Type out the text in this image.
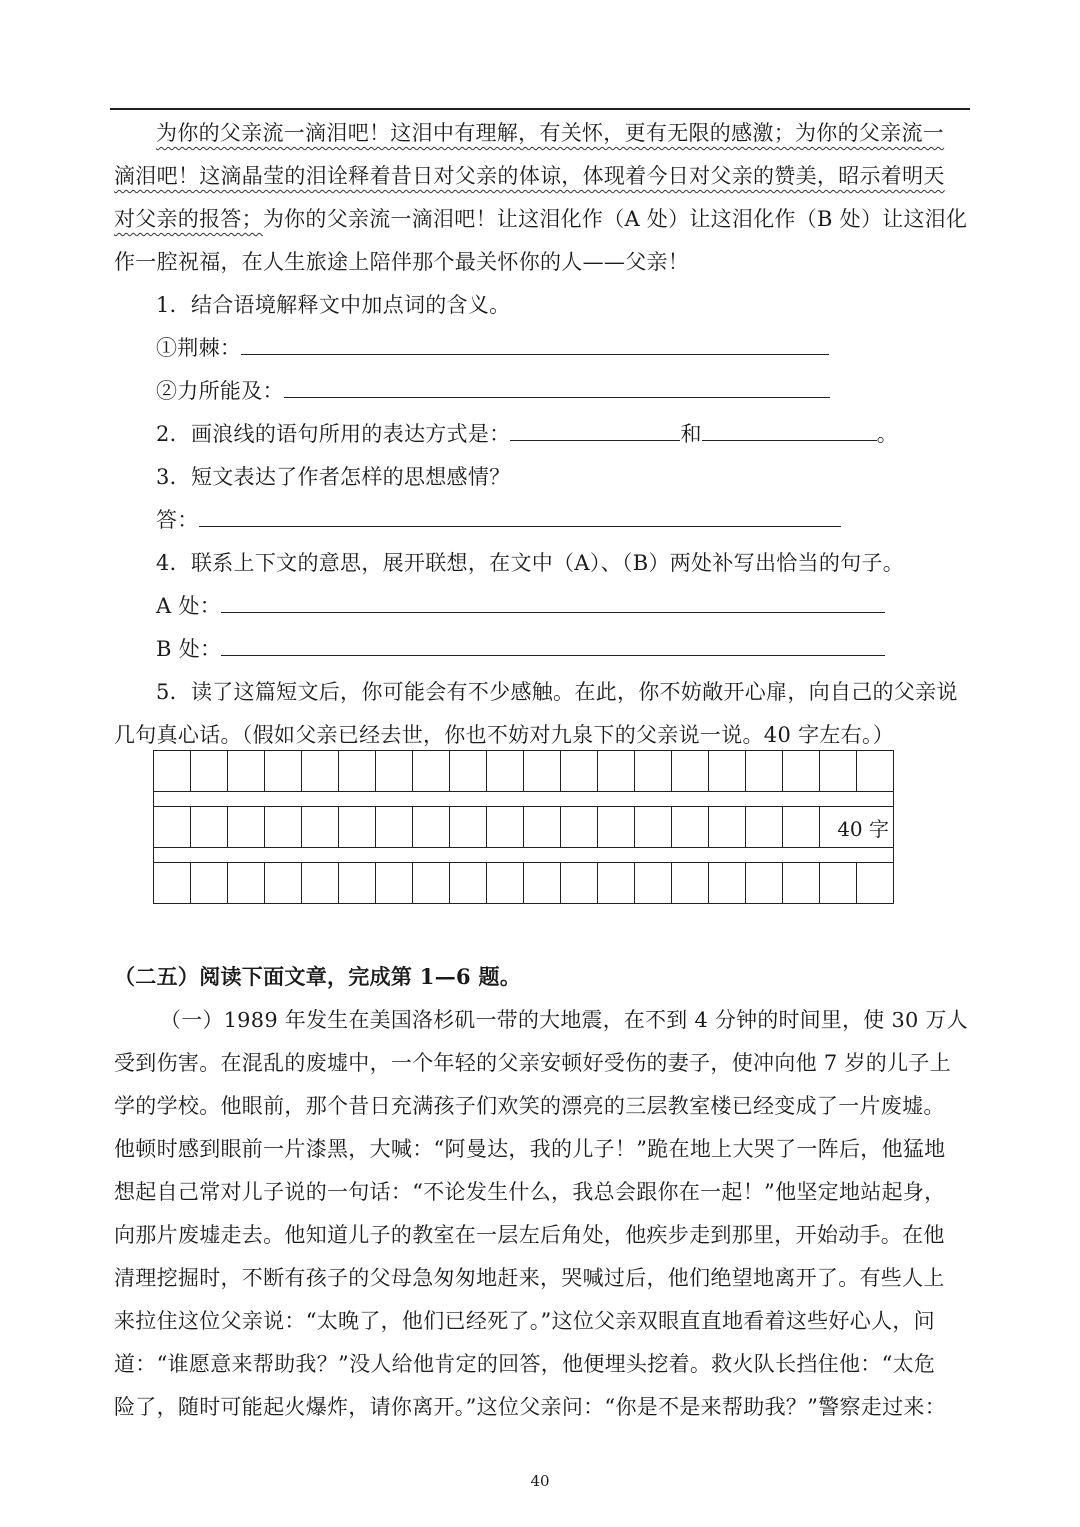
为你的父亲流一滴泪吧！这泪中有理解，有关怀，更有无限的感激；为你的父亲流一
滴泪吧！这滴晶莹的泪诠释着昔日对父亲的体谅，体现着今日对父亲的赞美，昭示着明天
对父亲的报答；为你的父亲流一滴泪吧！让这泪化作（A 处）让这泪化作（B 处）让这泪化
作一腔祝福，在人生旅途上陪伴那个最关怀你的人——父亲！
1．结合语境解释文中加点词的含义。
①荆棘：
②力所能及：
2．画浪线的语句所用的表达方式是：	和	。
3．短文表达了作者怎样的思想感情？
答：
4．联系上下文的意思，展开联想，在文中（A）、（B）两处补写出恰当的句子。
A 处：
B 处：
5．读了这篇短文后，你可能会有不少感触。在此，你不妨敞开心扉，向自己的父亲说
几句真心话。（假如父亲已经去世，你也不妨对九泉下的父亲说一说。40 字左右。）

																		40 字	

（二五）阅读下面文章，完成第 1—6 题。
（一）1989 年发生在美国洛杉矶一带的大地震，在不到 4 分钟的时间里，使 30 万人
受到伤害。在混乱的废墟中，一个年轻的父亲安顿好受伤的妻子，使冲向他 7 岁的儿子上
学的学校。他眼前，那个昔日充满孩子们欢笑的漂亮的三层教室楼已经变成了一片废墟。
他顿时感到眼前一片漆黑，大喊：“阿曼达，我的儿子！”跪在地上大哭了一阵后，他猛地
想起自己常对儿子说的一句话：“不论发生什么，我总会跟你在一起！”他坚定地站起身，
向那片废墟走去。他知道儿子的教室在一层左后角处，他疾步走到那里，开始动手。在他
清理挖掘时，不断有孩子的父母急匆匆地赶来，哭喊过后，他们绝望地离开了。有些人上
来拉住这位父亲说：“太晚了，他们已经死了。”这位父亲双眼直直地看着这些好心人，问
道：“谁愿意来帮助我？”没人给他肯定的回答，他便埋头挖着。救火队长挡住他：“太危
险了，随时可能起火爆炸，请你离开。”这位父亲问：“你是不是来帮助我？”警察走过来：
40
